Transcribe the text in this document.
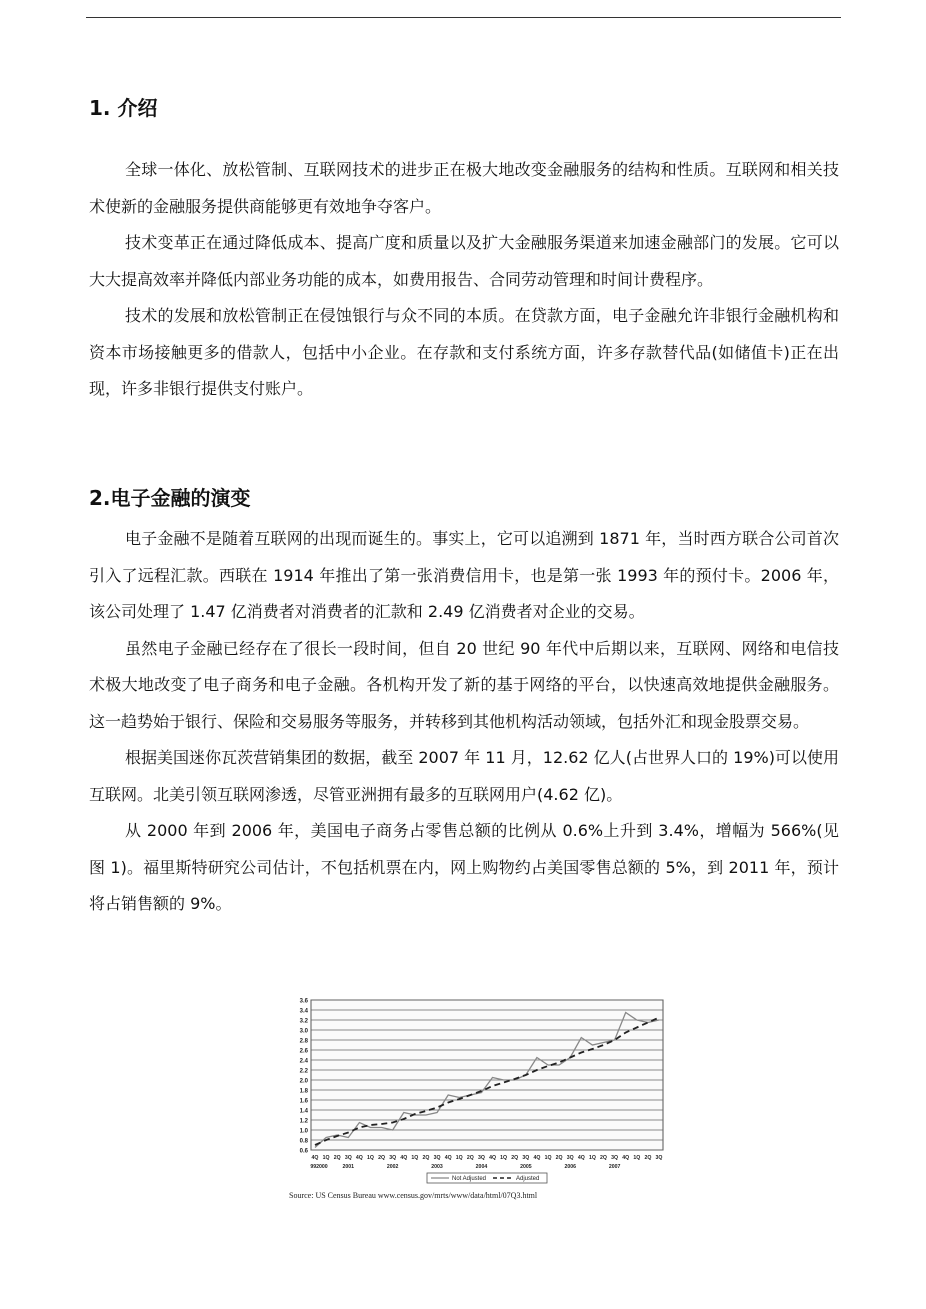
1. 介绍

全球一体化、放松管制、互联网技术的进步正在极大地改变金融服务的结构和性质。互联网和相关技术使新的金融服务提供商能够更有效地争夺客户。

技术变革正在通过降低成本、提高广度和质量以及扩大金融服务渠道来加速金融部门的发展。它可以大大提高效率并降低内部业务功能的成本，如费用报告、合同劳动管理和时间计费程序。

技术的发展和放松管制正在侵蚀银行与众不同的本质。在贷款方面，电子金融允许非银行金融机构和资本市场接触更多的借款人，包括中小企业。在存款和支付系统方面，许多存款替代品(如储值卡)正在出现，许多非银行提供支付账户。

2.电子金融的演变

电子金融不是随着互联网的出现而诞生的。事实上，它可以追溯到 1871 年，当时西方联合公司首次引入了远程汇款。西联在 1914 年推出了第一张消费信用卡，也是第一张 1993 年的预付卡。2006 年，该公司处理了 1.47 亿消费者对消费者的汇款和 2.49 亿消费者对企业的交易。

虽然电子金融已经存在了很长一段时间，但自 20 世纪 90 年代中后期以来，互联网、网络和电信技术极大地改变了电子商务和电子金融。各机构开发了新的基于网络的平台，以快速高效地提供金融服务。这一趋势始于银行、保险和交易服务等服务，并转移到其他机构活动领域，包括外汇和现金股票交易。

根据美国迷你瓦茨营销集团的数据，截至 2007 年 11 月，12.62 亿人(占世界人口的 19%)可以使用互联网。北美引领互联网渗透，尽管亚洲拥有最多的互联网用户(4.62 亿)。

从 2000 年到 2006 年，美国电子商务占零售总额的比例从 0.6%上升到 3.4%，增幅为 566%(见图 1)。福里斯特研究公司估计，不包括机票在内，网上购物约占美国零售总额的 5%，到 2011 年，预计将占销售额的 9%。

0.6
0.8
1.0
1.2
1.4
1.6
1.8
2.0
2.2
2.4
2.6
2.8
3.0
3.2
3.4
3.6
4Q 1Q 2Q 3Q 4Q 1Q 2Q 3Q 4Q 1Q 2Q 3Q 4Q 1Q 2Q 3Q 4Q 1Q 2Q 3Q 4Q 1Q 2Q 3Q 4Q 1Q 2Q 3Q 4Q 1Q 2Q 3Q
992000	2001	2002	2003	2004	2005	2006	2007
Not Adjusted	Adjusted
Source: US Census Bureau www.census.gov/mrts/www/data/html/07Q3.html
